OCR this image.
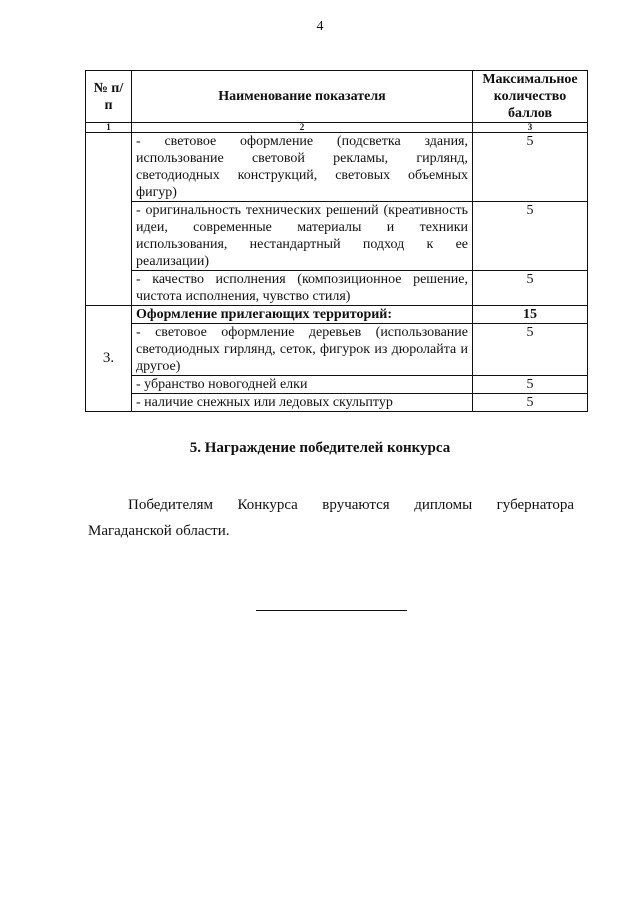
4
№ п/п	Наименование показателя	Максимальное количество баллов
1	2	3
	- световое оформление (подсветка здания, использование световой рекламы, гирлянд, светодиодных конструкций, световых объемных фигур)	5
	- оригинальность технических решений (креативность идеи, современные материалы и техники использования, нестандартный подход к ее реализации)	5
	- качество исполнения (композиционное решение, чистота исполнения, чувство стиля)	5
3.	Оформление прилегающих территорий:	15
	- световое оформление деревьев (использование светодиодных гирлянд, сеток, фигурок из дюролайта и другое)	5
	- убранство новогодней елки	5
	- наличие снежных или ледовых скульптур	5
5. Награждение победителей конкурса
Победителям Конкурса вручаются дипломы губернатора Магаданской области.
